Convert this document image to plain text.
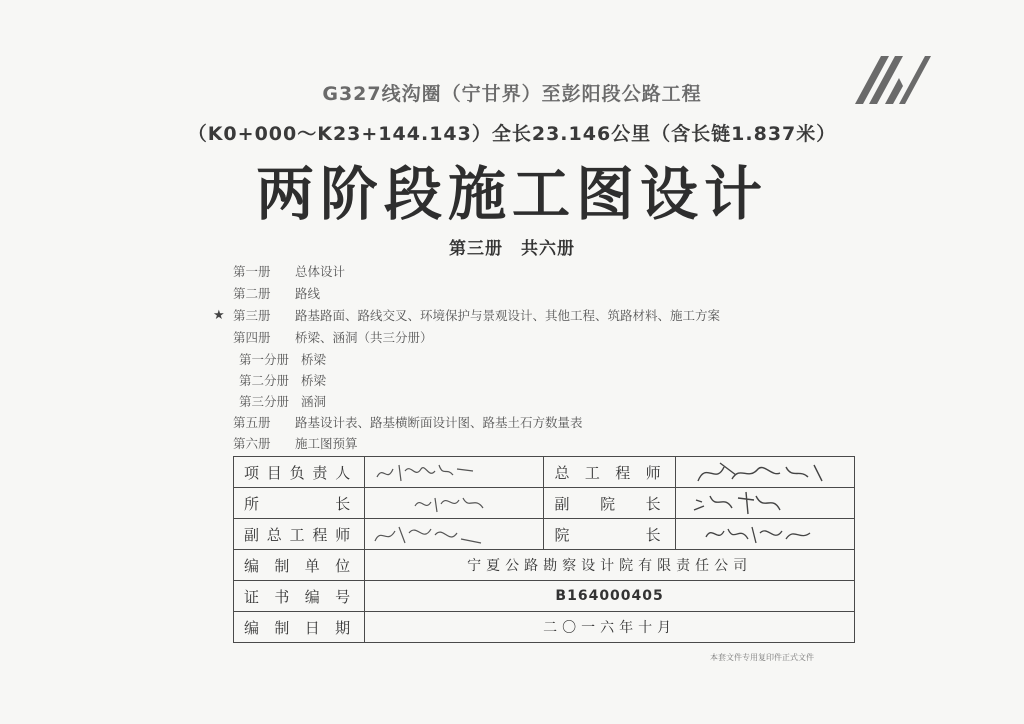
G327线沟圈（宁甘界）至彭阳段公路工程
（K0+000～K23+144.143）全长23.146公里（含长链1.837米）
两阶段施工图设计
第三册　共六册
第一册 总体设计
第二册 路线
★ 第三册 路基路面、路线交叉、环境保护与景观设计、其他工程、筑路材料、施工方案
第四册 桥梁、涵洞（共三分册）
第一分册 桥梁
第二分册 桥梁
第三分册 涵洞
第五册 路基设计表、路基横断面设计图、路基土石方数量表
第六册 施工图预算
项 目 负 责 人		总 工 程 师

所 长		副 院 长

副 总 工 程 师		院 长

编 制 单 位	宁夏公路勘察设计院有限责任公司		

证 书 编 号	B164000405		

编 制 日 期	二〇一六年十月		
本套文件专用复印件正式文件
